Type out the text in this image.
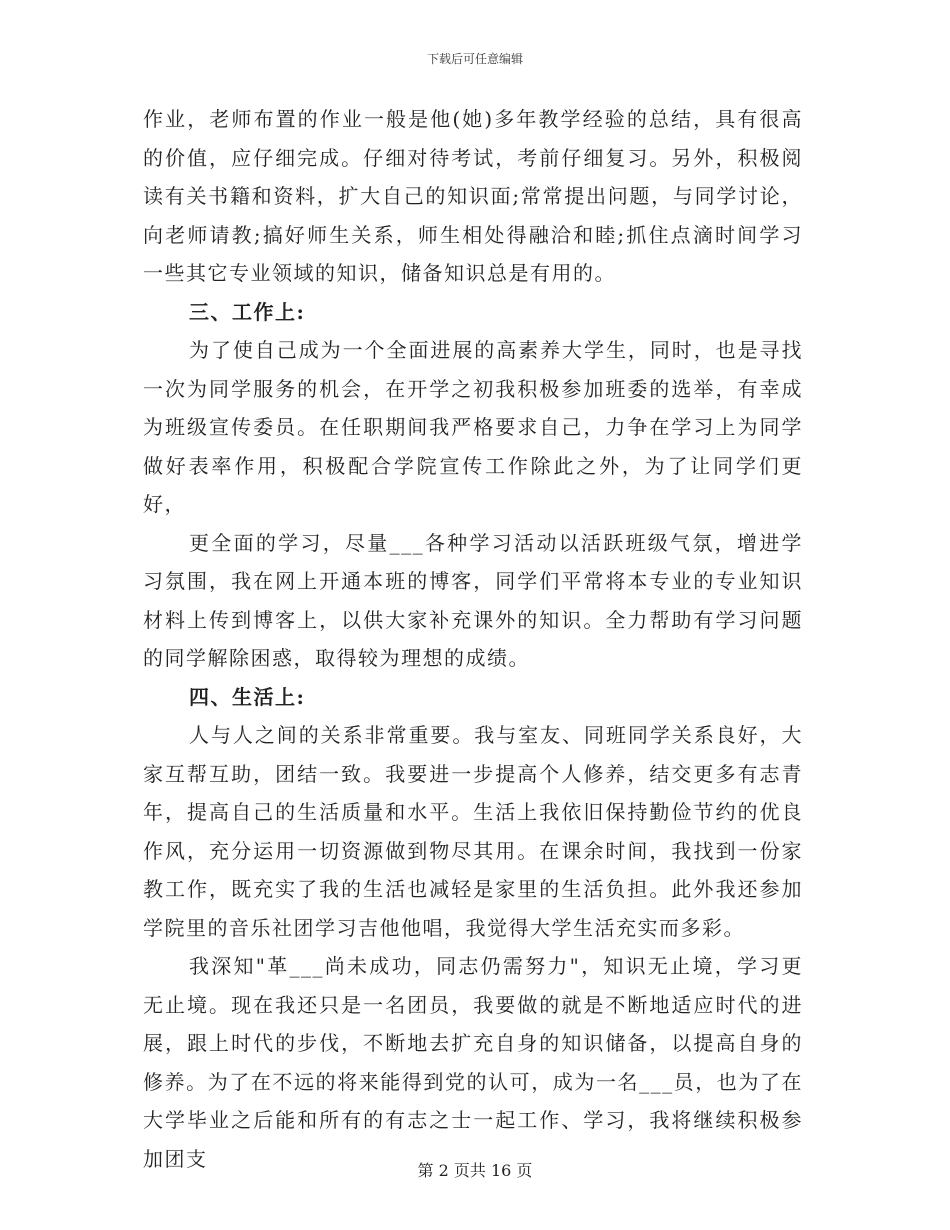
下载后可任意编辑

作业，老师布置的作业一般是他(她)多年教学经验的总结，具有很高的价值，应仔细完成。仔细对待考试，考前仔细复习。另外，积极阅读有关书籍和资料，扩大自己的知识面;常常提出问题，与同学讨论，向老师请教;搞好师生关系，师生相处得融洽和睦;抓住点滴时间学习一些其它专业领域的知识，储备知识总是有用的。

三、工作上:

为了使自己成为一个全面进展的高素养大学生，同时，也是寻找一次为同学服务的机会，在开学之初我积极参加班委的选举，有幸成为班级宣传委员。在任职期间我严格要求自己，力争在学习上为同学做好表率作用，积极配合学院宣传工作除此之外，为了让同学们更好，

更全面的学习，尽量___各种学习活动以活跃班级气氛，增进学习氛围，我在网上开通本班的博客，同学们平常将本专业的专业知识材料上传到博客上，以供大家补充课外的知识。全力帮助有学习问题的同学解除困惑，取得较为理想的成绩。

四、生活上:

人与人之间的关系非常重要。我与室友、同班同学关系良好，大家互帮互助，团结一致。我要进一步提高个人修养，结交更多有志青年，提高自己的生活质量和水平。生活上我依旧保持勤俭节约的优良作风，充分运用一切资源做到物尽其用。在课余时间，我找到一份家教工作，既充实了我的生活也减轻是家里的生活负担。此外我还参加学院里的音乐社团学习吉他他唱，我觉得大学生活充实而多彩。

我深知"革___尚未成功，同志仍需努力"，知识无止境，学习更无止境。现在我还只是一名团员，我要做的就是不断地适应时代的进展，跟上时代的步伐，不断地去扩充自身的知识储备，以提高自身的修养。为了在不远的将来能得到党的认可，成为一名___员，也为了在大学毕业之后能和所有的有志之士一起工作、学习，我将继续积极参加团支	第 2 页共 16 页
